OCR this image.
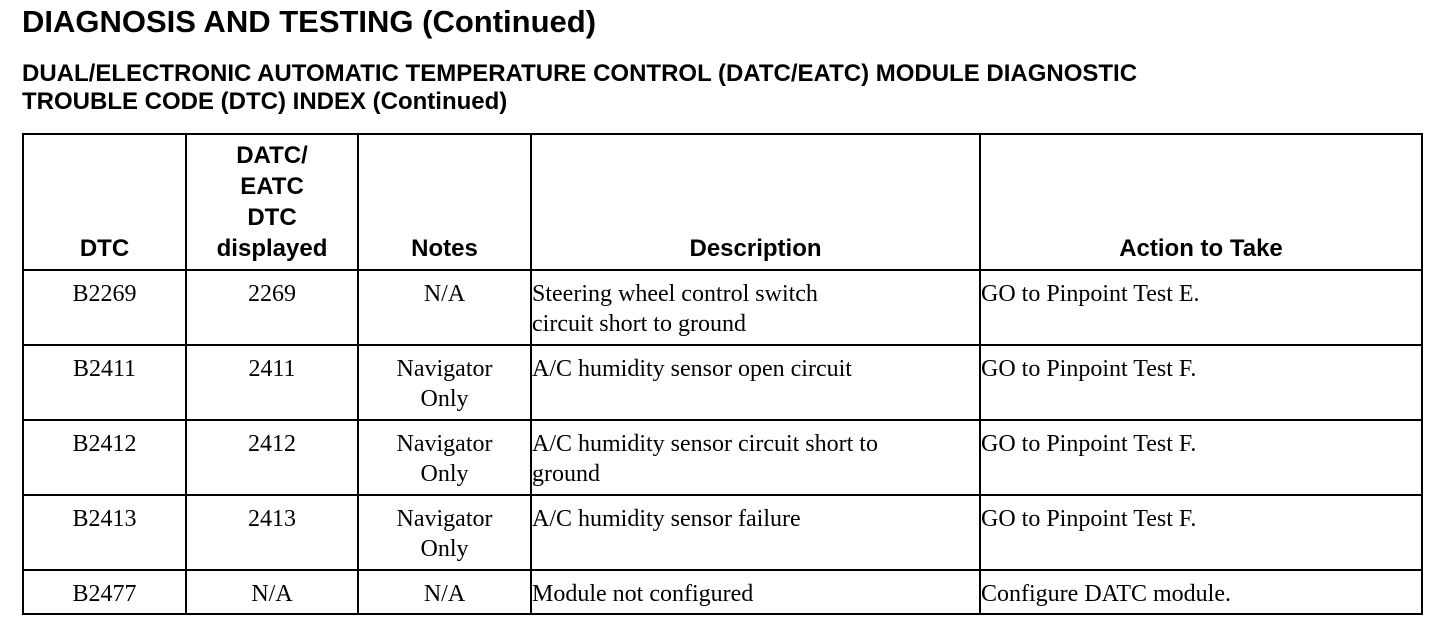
DIAGNOSIS AND TESTING (Continued)
DUAL/ELECTRONIC AUTOMATIC TEMPERATURE CONTROL (DATC/EATC) MODULE DIAGNOSTIC
TROUBLE CODE (DTC) INDEX (Continued)
DTC	DATC/
EATC
DTC
displayed	Notes	Description	Action to Take
B2269	2269	N/A	Steering wheel control switch
circuit short to ground	GO to Pinpoint Test E.
B2411	2411	Navigator
Only	A/C humidity sensor open circuit	GO to Pinpoint Test F.
B2412	2412	Navigator
Only	A/C humidity sensor circuit short to
ground	GO to Pinpoint Test F.
B2413	2413	Navigator
Only	A/C humidity sensor failure	GO to Pinpoint Test F.
B2477	N/A	N/A	Module not configured	Configure DATC module.
